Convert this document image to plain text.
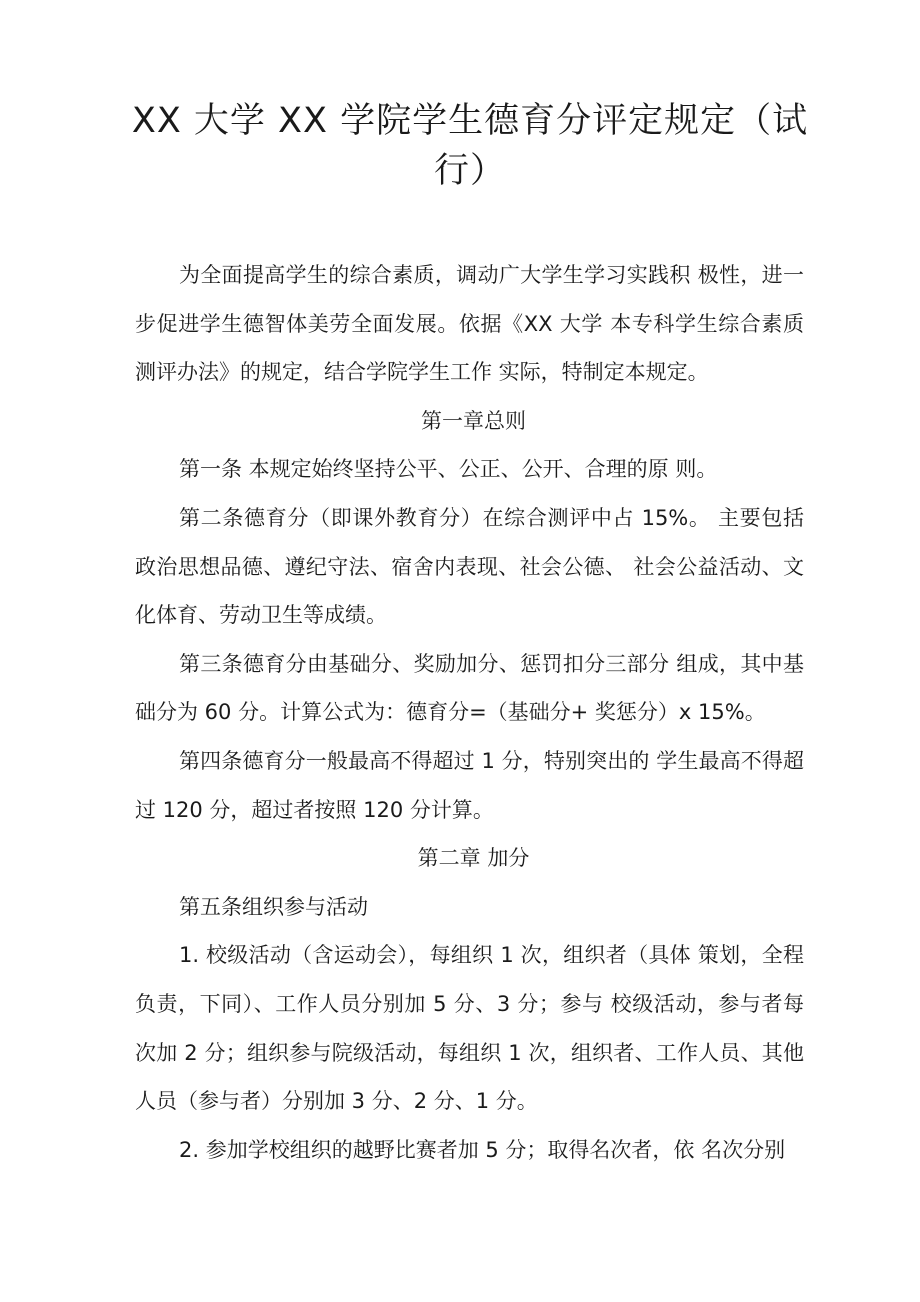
XX 大学 XX 学院学生德育分评定规定（试
行）

为全面提高学生的综合素质，调动广大学生学习实践积 极性，进一步促进学生德智体美劳全面发展。依据《XX 大学 本专科学生综合素质测评办法》的规定，结合学院学生工作 实际，特制定本规定。

第一章总则

第一条 本规定始终坚持公平、公正、公开、合理的原 则。

第二条德育分（即课外教育分）在综合测评中占 15%。 主要包括政治思想品德、遵纪守法、宿舍内表现、社会公德、 社会公益活动、文化体育、劳动卫生等成绩。

第三条德育分由基础分、奖励加分、惩罚扣分三部分 组成，其中基础分为 60 分。计算公式为：德育分=（基础分+ 奖惩分）x 15%。

第四条德育分一般最高不得超过 1 分，特别突出的 学生最高不得超过 120 分，超过者按照 120 分计算。

第二章 加分

第五条组织参与活动

1. 校级活动（含运动会），每组织 1 次，组织者（具体 策划，全程负责，下同）、工作人员分别加 5 分、3 分；参与 校级活动，参与者每次加 2 分；组织参与院级活动，每组织 1 次，组织者、工作人员、其他人员（参与者）分别加 3 分、2 分、1 分。

2. 参加学校组织的越野比赛者加 5 分；取得名次者，依 名次分别
